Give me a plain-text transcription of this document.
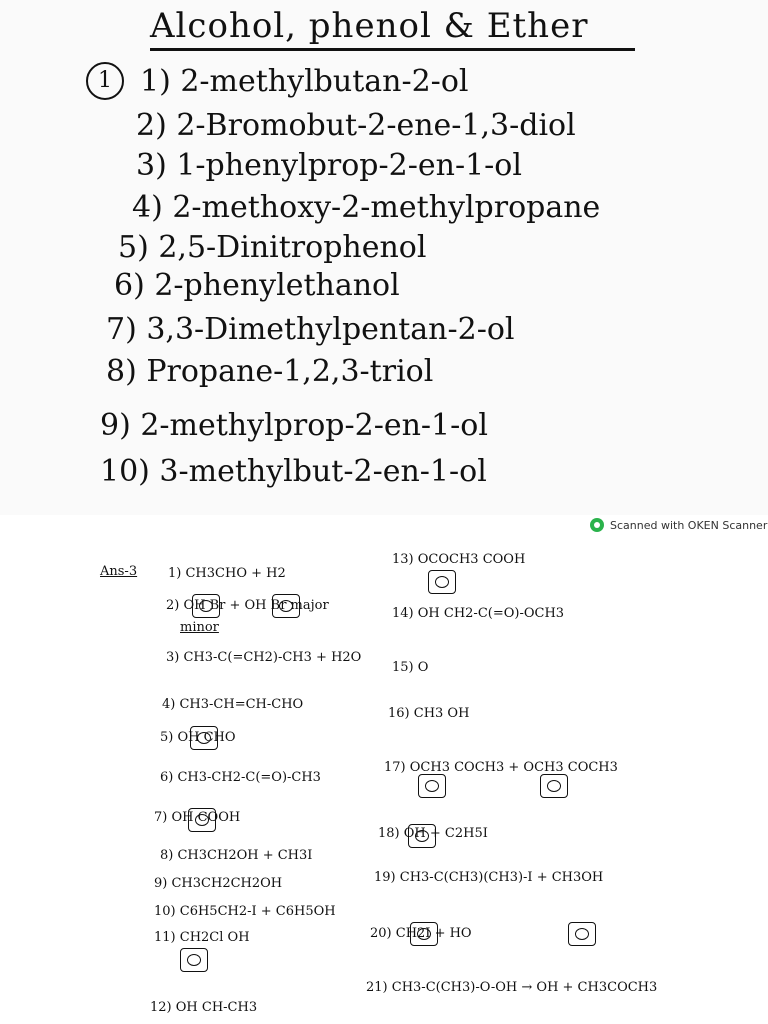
Alcohol, phenol & Ether
1 1) 2-methylbutan-2-ol
2) 2-Bromobut-2-ene-1,3-diol
3) 1-phenylprop-2-en-1-ol
4) 2-methoxy-2-methylpropane
5) 2,5-Dinitrophenol
6) 2-phenylethanol
7) 3,3-Dimethylpentan-2-ol
8) Propane-1,2,3-triol
9) 2-methylprop-2-en-1-ol
10) 3-methylbut-2-en-1-ol
Scanned with OKEN Scanner
Ans-3 1) CH3CHO + H2
2) OH Br + OH Br major
minor
3) CH3-C(=CH2)-CH3 + H2O
4) CH3-CH=CH-CHO
5) OH CHO
6) CH3-CH2-C(=O)-CH3
7) OH COOH
8) CH3CH2OH + CH3I
9) CH3CH2CH2OH
10) C6H5CH2-I + C6H5OH
11) CH2Cl OH
12) OH CH-CH3
13) OCOCH3 COOH
14) OH CH2-C(=O)-OCH3
15) O
16) CH3 OH
17) OCH3 COCH3 + OCH3 COCH3
18) OH + C2H5I
19) CH3-C(CH3)(CH3)-I + CH3OH
20) CH2I + HO
21) CH3-C(CH3)-O-OH → OH + CH3COCH3
